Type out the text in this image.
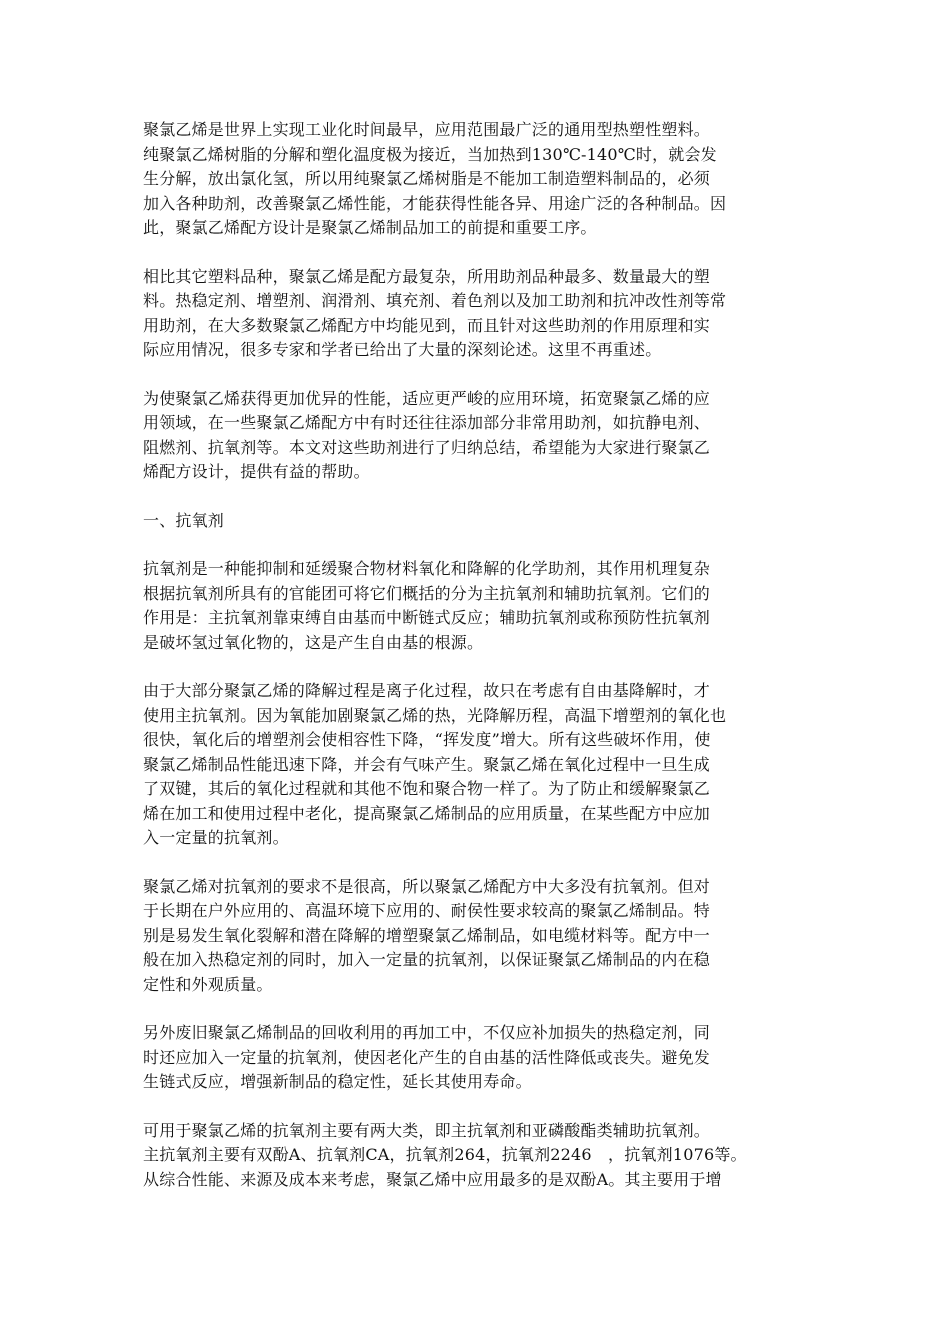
聚氯乙烯是世界上实现工业化时间最早，应用范围最广泛的通用型热塑性塑料。
纯聚氯乙烯树脂的分解和塑化温度极为接近，当加热到130℃-140℃时，就会发
生分解，放出氯化氢，所以用纯聚氯乙烯树脂是不能加工制造塑料制品的，必须
加入各种助剂，改善聚氯乙烯性能，才能获得性能各异、用途广泛的各种制品。因
此，聚氯乙烯配方设计是聚氯乙烯制品加工的前提和重要工序。
相比其它塑料品种，聚氯乙烯是配方最复杂，所用助剂品种最多、数量最大的塑
料。热稳定剂、增塑剂、润滑剂、填充剂、着色剂以及加工助剂和抗冲改性剂等常
用助剂，在大多数聚氯乙烯配方中均能见到，而且针对这些助剂的作用原理和实
际应用情况，很多专家和学者已给出了大量的深刻论述。这里不再重述。
为使聚氯乙烯获得更加优异的性能，适应更严峻的应用环境，拓宽聚氯乙烯的应
用领域，在一些聚氯乙烯配方中有时还往往添加部分非常用助剂，如抗静电剂、
阻燃剂、抗氧剂等。本文对这些助剂进行了归纳总结，希望能为大家进行聚氯乙
烯配方设计，提供有益的帮助。
一、抗氧剂
抗氧剂是一种能抑制和延缓聚合物材料氧化和降解的化学助剂，其作用机理复杂
根据抗氧剂所具有的官能团可将它们概括的分为主抗氧剂和辅助抗氧剂。它们的
作用是：主抗氧剂靠束缚自由基而中断链式反应；辅助抗氧剂或称预防性抗氧剂
是破坏氢过氧化物的，这是产生自由基的根源。
由于大部分聚氯乙烯的降解过程是离子化过程，故只在考虑有自由基降解时，才
使用主抗氧剂。因为氧能加剧聚氯乙烯的热，光降解历程，高温下增塑剂的氧化也
很快，氧化后的增塑剂会使相容性下降，“挥发度”增大。所有这些破坏作用，使
聚氯乙烯制品性能迅速下降，并会有气味产生。聚氯乙烯在氧化过程中一旦生成
了双键，其后的氧化过程就和其他不饱和聚合物一样了。为了防止和缓解聚氯乙
烯在加工和使用过程中老化，提高聚氯乙烯制品的应用质量，在某些配方中应加
入一定量的抗氧剂。
聚氯乙烯对抗氧剂的要求不是很高，所以聚氯乙烯配方中大多没有抗氧剂。但对
于长期在户外应用的、高温环境下应用的、耐侯性要求较高的聚氯乙烯制品。特
别是易发生氧化裂解和潜在降解的增塑聚氯乙烯制品，如电缆材料等。配方中一
般在加入热稳定剂的同时，加入一定量的抗氧剂，以保证聚氯乙烯制品的内在稳
定性和外观质量。
另外废旧聚氯乙烯制品的回收利用的再加工中，不仅应补加损失的热稳定剂，同
时还应加入一定量的抗氧剂，使因老化产生的自由基的活性降低或丧失。避免发
生链式反应，增强新制品的稳定性，延长其使用寿命。
可用于聚氯乙烯的抗氧剂主要有两大类，即主抗氧剂和亚磷酸酯类辅助抗氧剂。
主抗氧剂主要有双酚A、抗氧剂CA，抗氧剂264，抗氧剂2246　，抗氧剂1076等。
从综合性能、来源及成本来考虑，聚氯乙烯中应用最多的是双酚A。其主要用于增
